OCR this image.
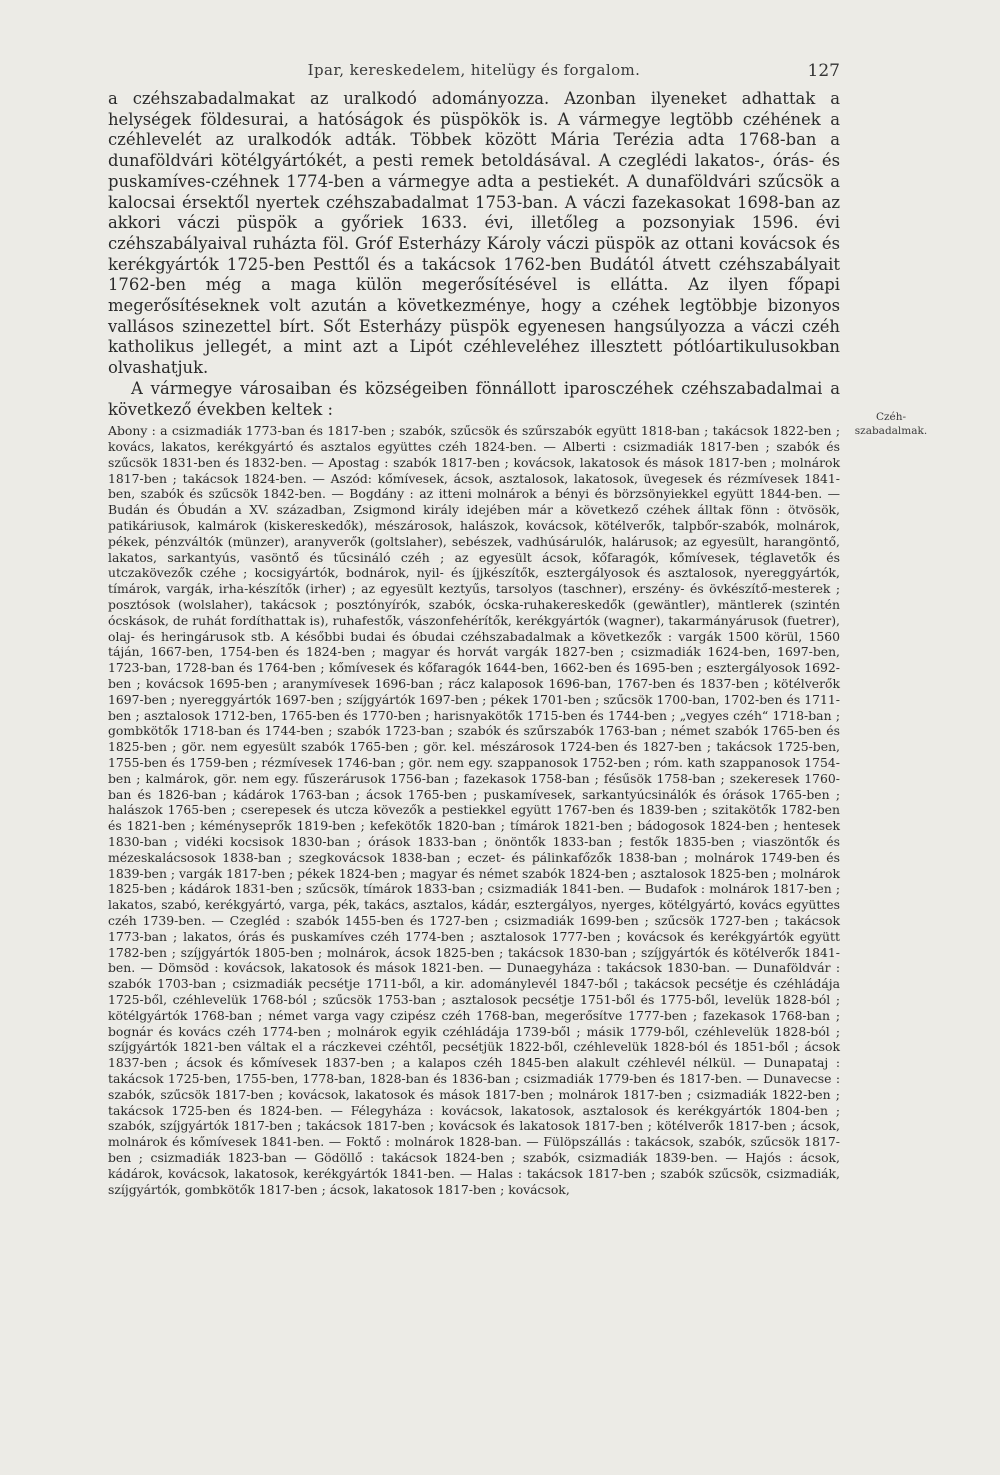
Ipar, kereskedelem, hitelügy és forgalom.	127

a czéhszabadalmakat az uralkodó adományozza. Azonban ilyeneket adhattak a helységek földesurai, a hatóságok és püspökök is. A vármegye legtöbb czéhének a czéhlevelét az uralkodók adták. Többek között Mária Terézia adta 1768-ban a dunaföldvári kötélgyártókét, a pesti remek betoldásával. A czeglédi lakatos-, órás- és puskamíves-czéhnek 1774-ben a vármegye adta a pestiekét. A dunaföldvári szűcsök a kalocsai érsektől nyertek czéhszabadalmat 1753-ban. A váczi fazekasokat 1698-ban az akkori váczi püspök a győriek 1633. évi, illetőleg a pozsonyiak 1596. évi czéhszabályaival ruházta föl. Gróf Esterházy Károly váczi püspök az ottani kovácsok és kerékgyártók 1725-ben Pesttől és a takácsok 1762-ben Budától átvett czéhszabályait 1762-ben még a maga külön megerősítésével is ellátta. Az ilyen főpapi megerősítéseknek volt azután a következménye, hogy a czéhek legtöbbje bizonyos vallásos szinezettel bírt. Sőt Esterházy püspök egyenesen hangsúlyozza a váczi czéh katholikus jellegét, a mint azt a Lipót czéhleveléhez illesztett pótlóartikulusokban olvashatjuk.

A vármegye városaiban és községeiben fönnállott iparosczéhek czéhszabadalmai a következő években keltek :

Abony : a csizmadiák 1773-ban és 1817-ben ; szabók, szűcsök és szűrszabók együtt 1818-ban ; takácsok 1822-ben ; kovács, lakatos, kerékgyártó és asztalos együttes czéh 1824-ben. — Alberti : csizmadiák 1817-ben ; szabók és szűcsök 1831-ben és 1832-ben. — Apostag : szabók 1817-ben ; kovácsok, lakatosok és mások 1817-ben ; molnárok 1817-ben ; takácsok 1824-ben. — Aszód: kőmívesek, ácsok, asztalosok, lakatosok, üvegesek és rézmívesek 1841-ben, szabók és szűcsök 1842-ben. — Bogdány : az itteni molnárok a bényi és börzsönyiekkel együtt 1844-ben. — Budán és Óbudán a XV. században, Zsigmond király idejében már a következő czéhek álltak fönn : ötvösök, patikáriusok, kalmárok (kiskereskedők), mészárosok, halászok, kovácsok, kötélverők, talpbőr-szabók, molnárok, pékek, pénzváltók (münzer), aranyverők (goltslaher), sebészek, vadhúsárulók, halárusok; az egyesült, harangöntő, lakatos, sarkantyús, vasöntő és tűcsináló czéh ; az egyesült ácsok, kőfaragók, kőmívesek, téglavetők és utczakövezők czéhe ; kocsigyártók, bodnárok, nyil- és íjjkészítők, esztergályosok és asztalosok, nyereggyártók, tímárok, vargák, irha-készítők (irher) ; az egyesült keztyűs, tarsolyos (taschner), erszény- és övkészítő-mesterek ; posztósok (wolslaher), takácsok ; posztónyírók, szabók, ócska-ruhakereskedők (gewäntler), mäntlerek (szintén ócskások, de ruhát fordíthattak is), ruhafestők, vászonfehérítők, kerékgyártók (wagner), takarmányárusok (fuetrer), olaj- és heringárusok stb. A későbbi budai és óbudai czéhszabadalmak a következők : vargák 1500 körül, 1560 táján, 1667-ben, 1754-ben és 1824-ben ; magyar és horvát vargák 1827-ben ; csizmadiák 1624-ben, 1697-ben, 1723-ban, 1728-ban és 1764-ben ; kőmívesek és kőfaragók 1644-ben, 1662-ben és 1695-ben ; esztergályosok 1692-ben ; kovácsok 1695-ben ; aranymívesek 1696-ban ; rácz kalaposok 1696-ban, 1767-ben és 1837-ben ; kötélverők 1697-ben ; nyereggyártók 1697-ben ; szíjgyártók 1697-ben ; pékek 1701-ben ; szűcsök 1700-ban, 1702-ben és 1711-ben ; asztalosok 1712-ben, 1765-ben és 1770-ben ; harisnyakötők 1715-ben és 1744-ben ; „vegyes czéh“ 1718-ban ; gombkötők 1718-ban és 1744-ben ; szabók 1723-ban ; szabók és szűrszabók 1763-ban ; német szabók 1765-ben és 1825-ben ; gör. nem egyesült szabók 1765-ben ; gör. kel. mészárosok 1724-ben és 1827-ben ; takácsok 1725-ben, 1755-ben és 1759-ben ; rézmívesek 1746-ban ; gör. nem egy. szappanosok 1752-ben ; róm. kath szappanosok 1754-ben ; kalmárok, gör. nem egy. fűszerárusok 1756-ban ; fazekasok 1758-ban ; fésűsök 1758-ban ; szekeresek 1760-ban és 1826-ban ; kádárok 1763-ban ; ácsok 1765-ben ; puskamívesek, sarkantyúcsinálók és órások 1765-ben ; halászok 1765-ben ; cserepesek és utcza kövezők a pestiekkel együtt 1767-ben és 1839-ben ; szitakötők 1782-ben és 1821-ben ; kéményseprők 1819-ben ; kefekötők 1820-ban ; tímárok 1821-ben ; bádogosok 1824-ben ; hentesek 1830-ban ; vidéki kocsisok 1830-ban ; órások 1833-ban ; önöntők 1833-ban ; festők 1835-ben ; viaszöntők és mézeskalácsosok 1838-ban ; szegkovácsok 1838-ban ; eczet- és pálinkafőzők 1838-ban ; molnárok 1749-ben és 1839-ben ; vargák 1817-ben ; pékek 1824-ben ; magyar és német szabók 1824-ben ; asztalosok 1825-ben ; molnárok 1825-ben ; kádárok 1831-ben ; szűcsök, tímárok 1833-ban ; csizmadiák 1841-ben. — Budafok : molnárok 1817-ben ; lakatos, szabó, kerékgyártó, varga, pék, takács, asztalos, kádár, esztergályos, nyerges, kötélgyártó, kovács együttes czéh 1739-ben. — Czegléd : szabók 1455-ben és 1727-ben ; csizmadiák 1699-ben ; szűcsök 1727-ben ; takácsok 1773-ban ; lakatos, órás és puskamíves czéh 1774-ben ; asztalosok 1777-ben ; kovácsok és kerékgyártók együtt 1782-ben ; szíjgyártók 1805-ben ; molnárok, ácsok 1825-ben ; takácsok 1830-ban ; szíjgyártók és kötélverők 1841-ben. — Dömsöd : kovácsok, lakatosok és mások 1821-ben. — Dunaegyháza : takácsok 1830-ban. — Dunaföldvár : szabók 1703-ban ; csizmadiák pecsétje 1711-ből, a kir. adománylevél 1847-ből ; takácsok pecsétje és czéhládája 1725-ből, czéhlevelük 1768-ból ; szűcsök 1753-ban ; asztalosok pecsétje 1751-ből és 1775-ből, levelük 1828-ból ; kötélgyártók 1768-ban ; német varga vagy czipész czéh 1768-ban, megerősítve 1777-ben ; fazekasok 1768-ban ; bognár és kovács czéh 1774-ben ; molnárok egyik czéhládája 1739-ből ; másik 1779-ből, czéhlevelük 1828-ból ; szíjgyártók 1821-ben váltak el a ráczkevei czéhtől, pecsétjük 1822-ből, czéhlevelük 1828-ból és 1851-ből ; ácsok 1837-ben ; ácsok és kőmívesek 1837-ben ; a kalapos czéh 1845-ben alakult czéhlevél nélkül. — Dunapataj : takácsok 1725-ben, 1755-ben, 1778-ban, 1828-ban és 1836-ban ; csizmadiák 1779-ben és 1817-ben. — Dunavecse : szabók, szűcsök 1817-ben ; kovácsok, lakatosok és mások 1817-ben ; molnárok 1817-ben ; csizmadiák 1822-ben ; takácsok 1725-ben és 1824-ben. — Félegyháza : kovácsok, lakatosok, asztalosok és kerékgyártók 1804-ben ; szabók, szíjgyártók 1817-ben ; takácsok 1817-ben ; kovácsok és lakatosok 1817-ben ; kötélverők 1817-ben ; ácsok, molnárok és kőmívesek 1841-ben. — Foktő : molnárok 1828-ban. — Fülöpszállás : takácsok, szabók, szűcsök 1817-ben ; csizmadiák 1823-ban — Gödöllő : takácsok 1824-ben ; szabók, csizmadiák 1839-ben. — Hajós : ácsok, kádárok, kovácsok, lakatosok, kerékgyártók 1841-ben. — Halas : takácsok 1817-ben ; szabók szűcsök, csizmadiák, szíjgyártók, gombkötők 1817-ben ; ácsok, lakatosok 1817-ben ; kovácsok,

Czéh-
szabadalmak.
